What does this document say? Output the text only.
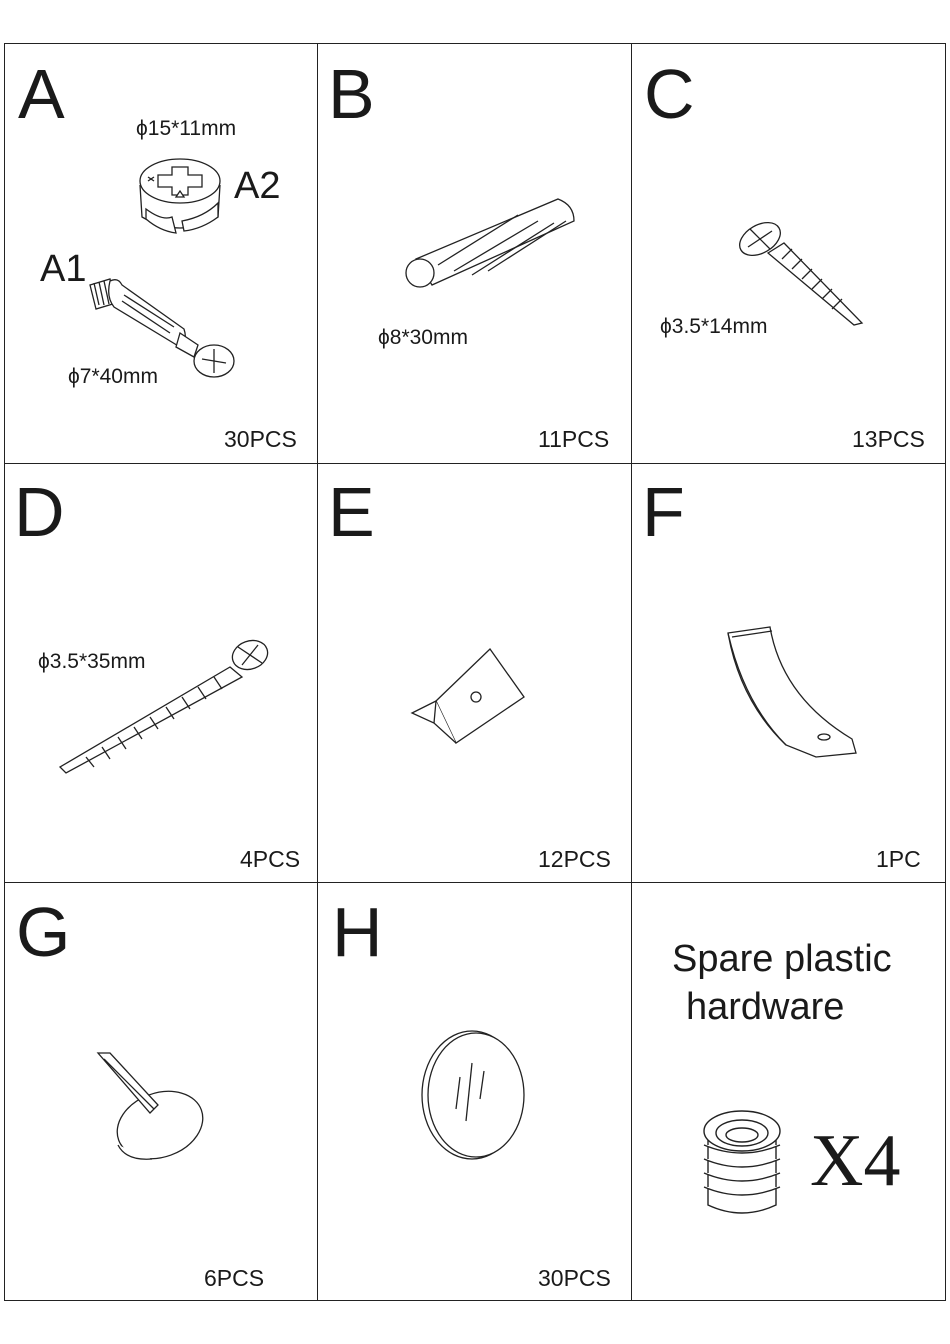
A	ϕ15*11mm
A2
A1
ϕ7*40mm
30PCS
B
ϕ8*30mm
11PCS
C
ϕ3.5*14mm
13PCS
D
ϕ3.5*35mm
4PCS
E
12PCS
F
1PC
G
6PCS
H
30PCS
Spare plastic
hardware
X4
